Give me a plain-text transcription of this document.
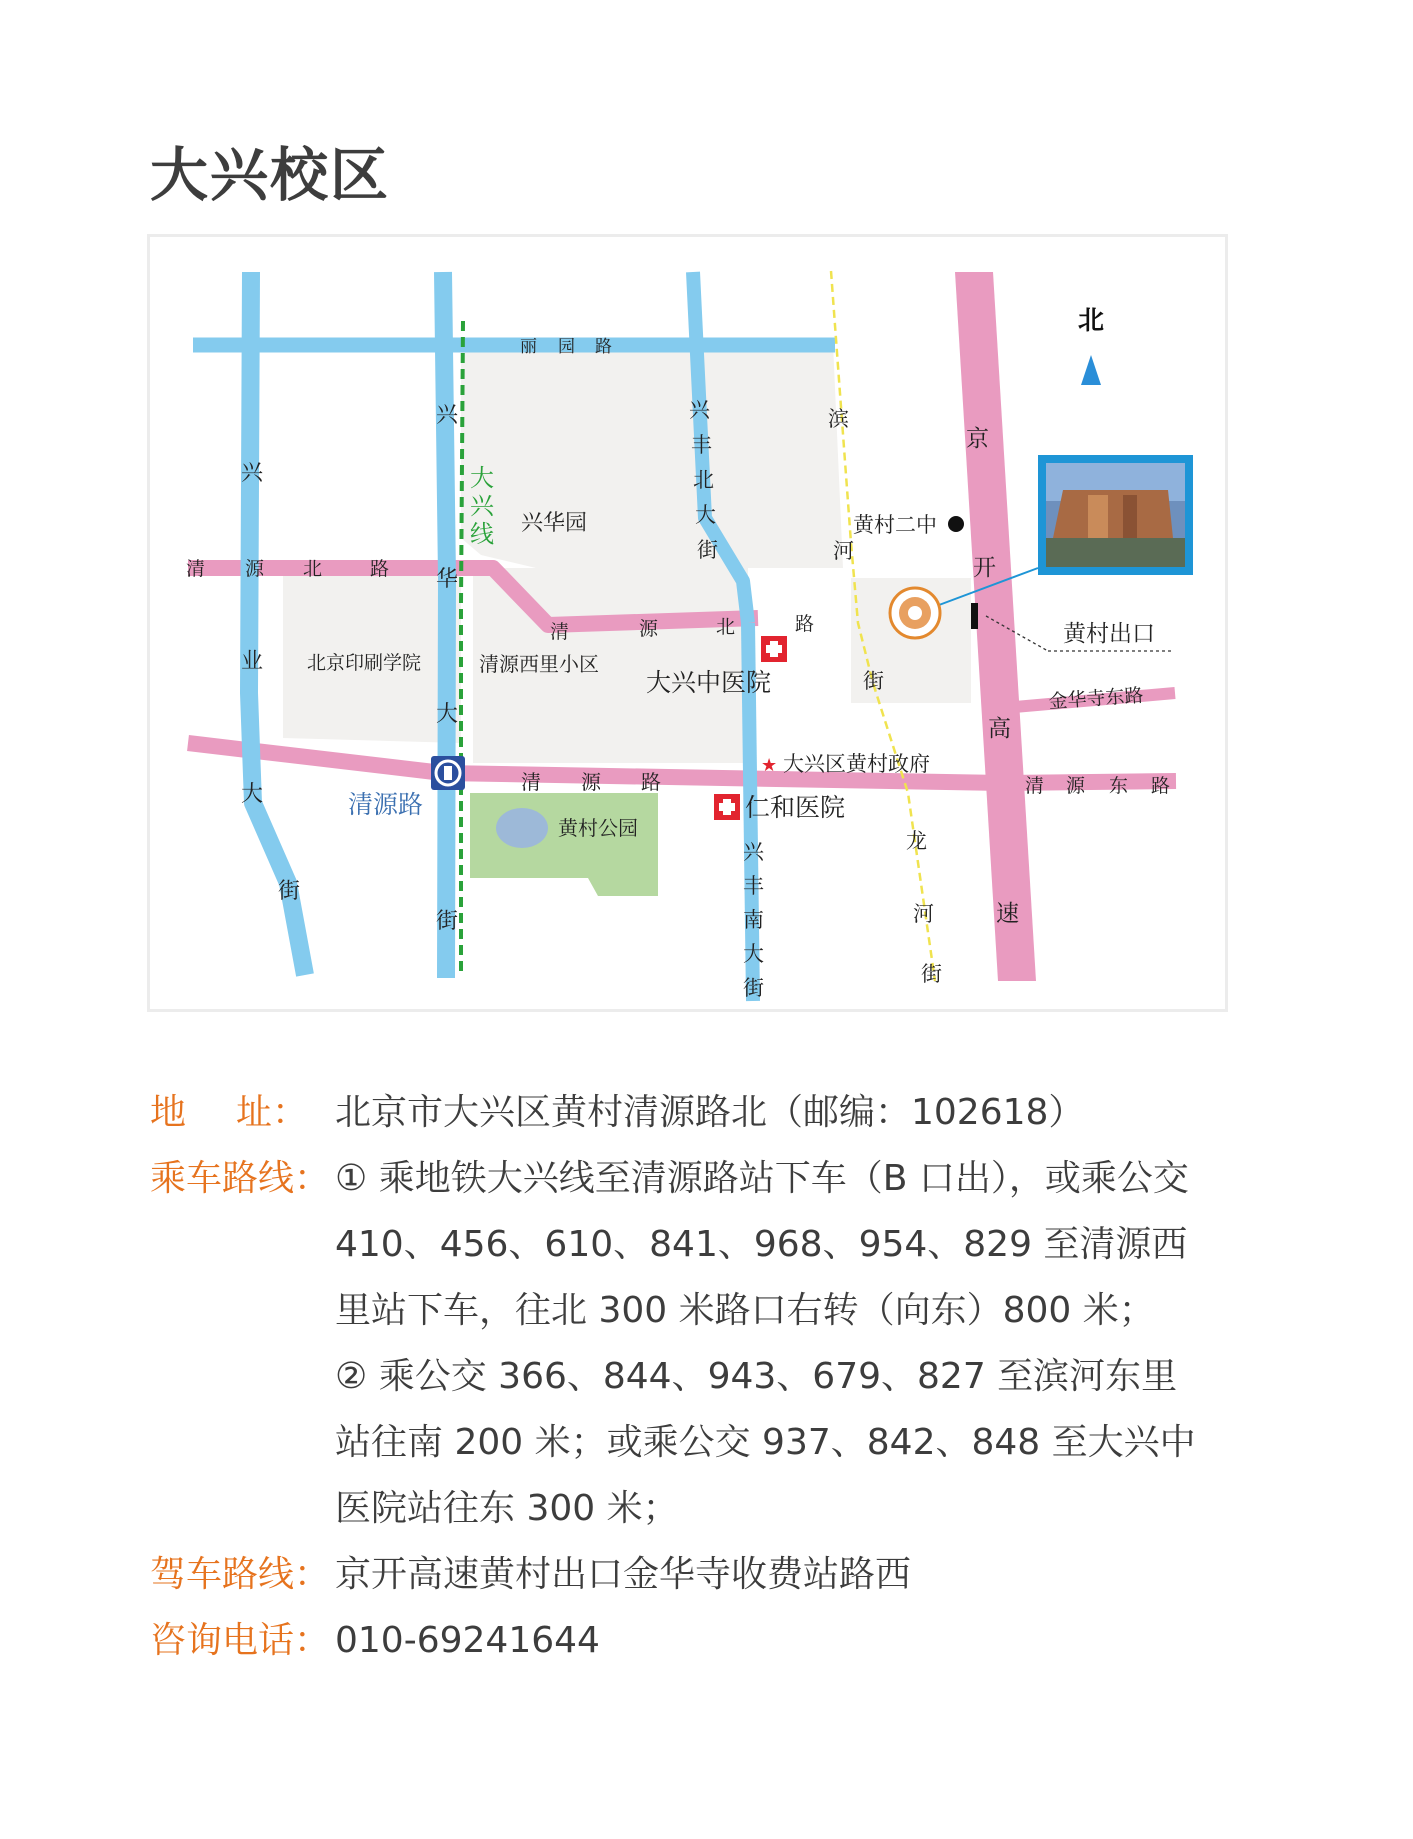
大兴校区
北
黄村出口
黄村二中
大兴中医院
仁和医院
★ 大兴区黄村政府
清源路
大
兴
线 兴华园
北京印刷学院	清源西里小区
黄村公园
金华寺东路
丽 园 路
清 源 北	路
清	源	北	路
清 源 路	清 源 东 路
兴
业
大
街
兴
华
大
街
兴
丰
北
大
街
兴
丰
南
大
街
滨
河
街
龙
河
街
京
开
高
速
地 址： 北京市大兴区黄村清源路北（邮编：102618）
乘车路线： ① 乘地铁大兴线至清源路站下车（B 口出），或乘公交
410、456、610、841、968、954、829 至清源西
里站下车，往北 300 米路口右转（向东）800 米；
② 乘公交 366、844、943、679、827 至滨河东里
站往南 200 米；或乘公交 937、842、848 至大兴中
医院站往东 300 米；
驾车路线： 京开高速黄村出口金华寺收费站路西
咨询电话： 010-69241644
